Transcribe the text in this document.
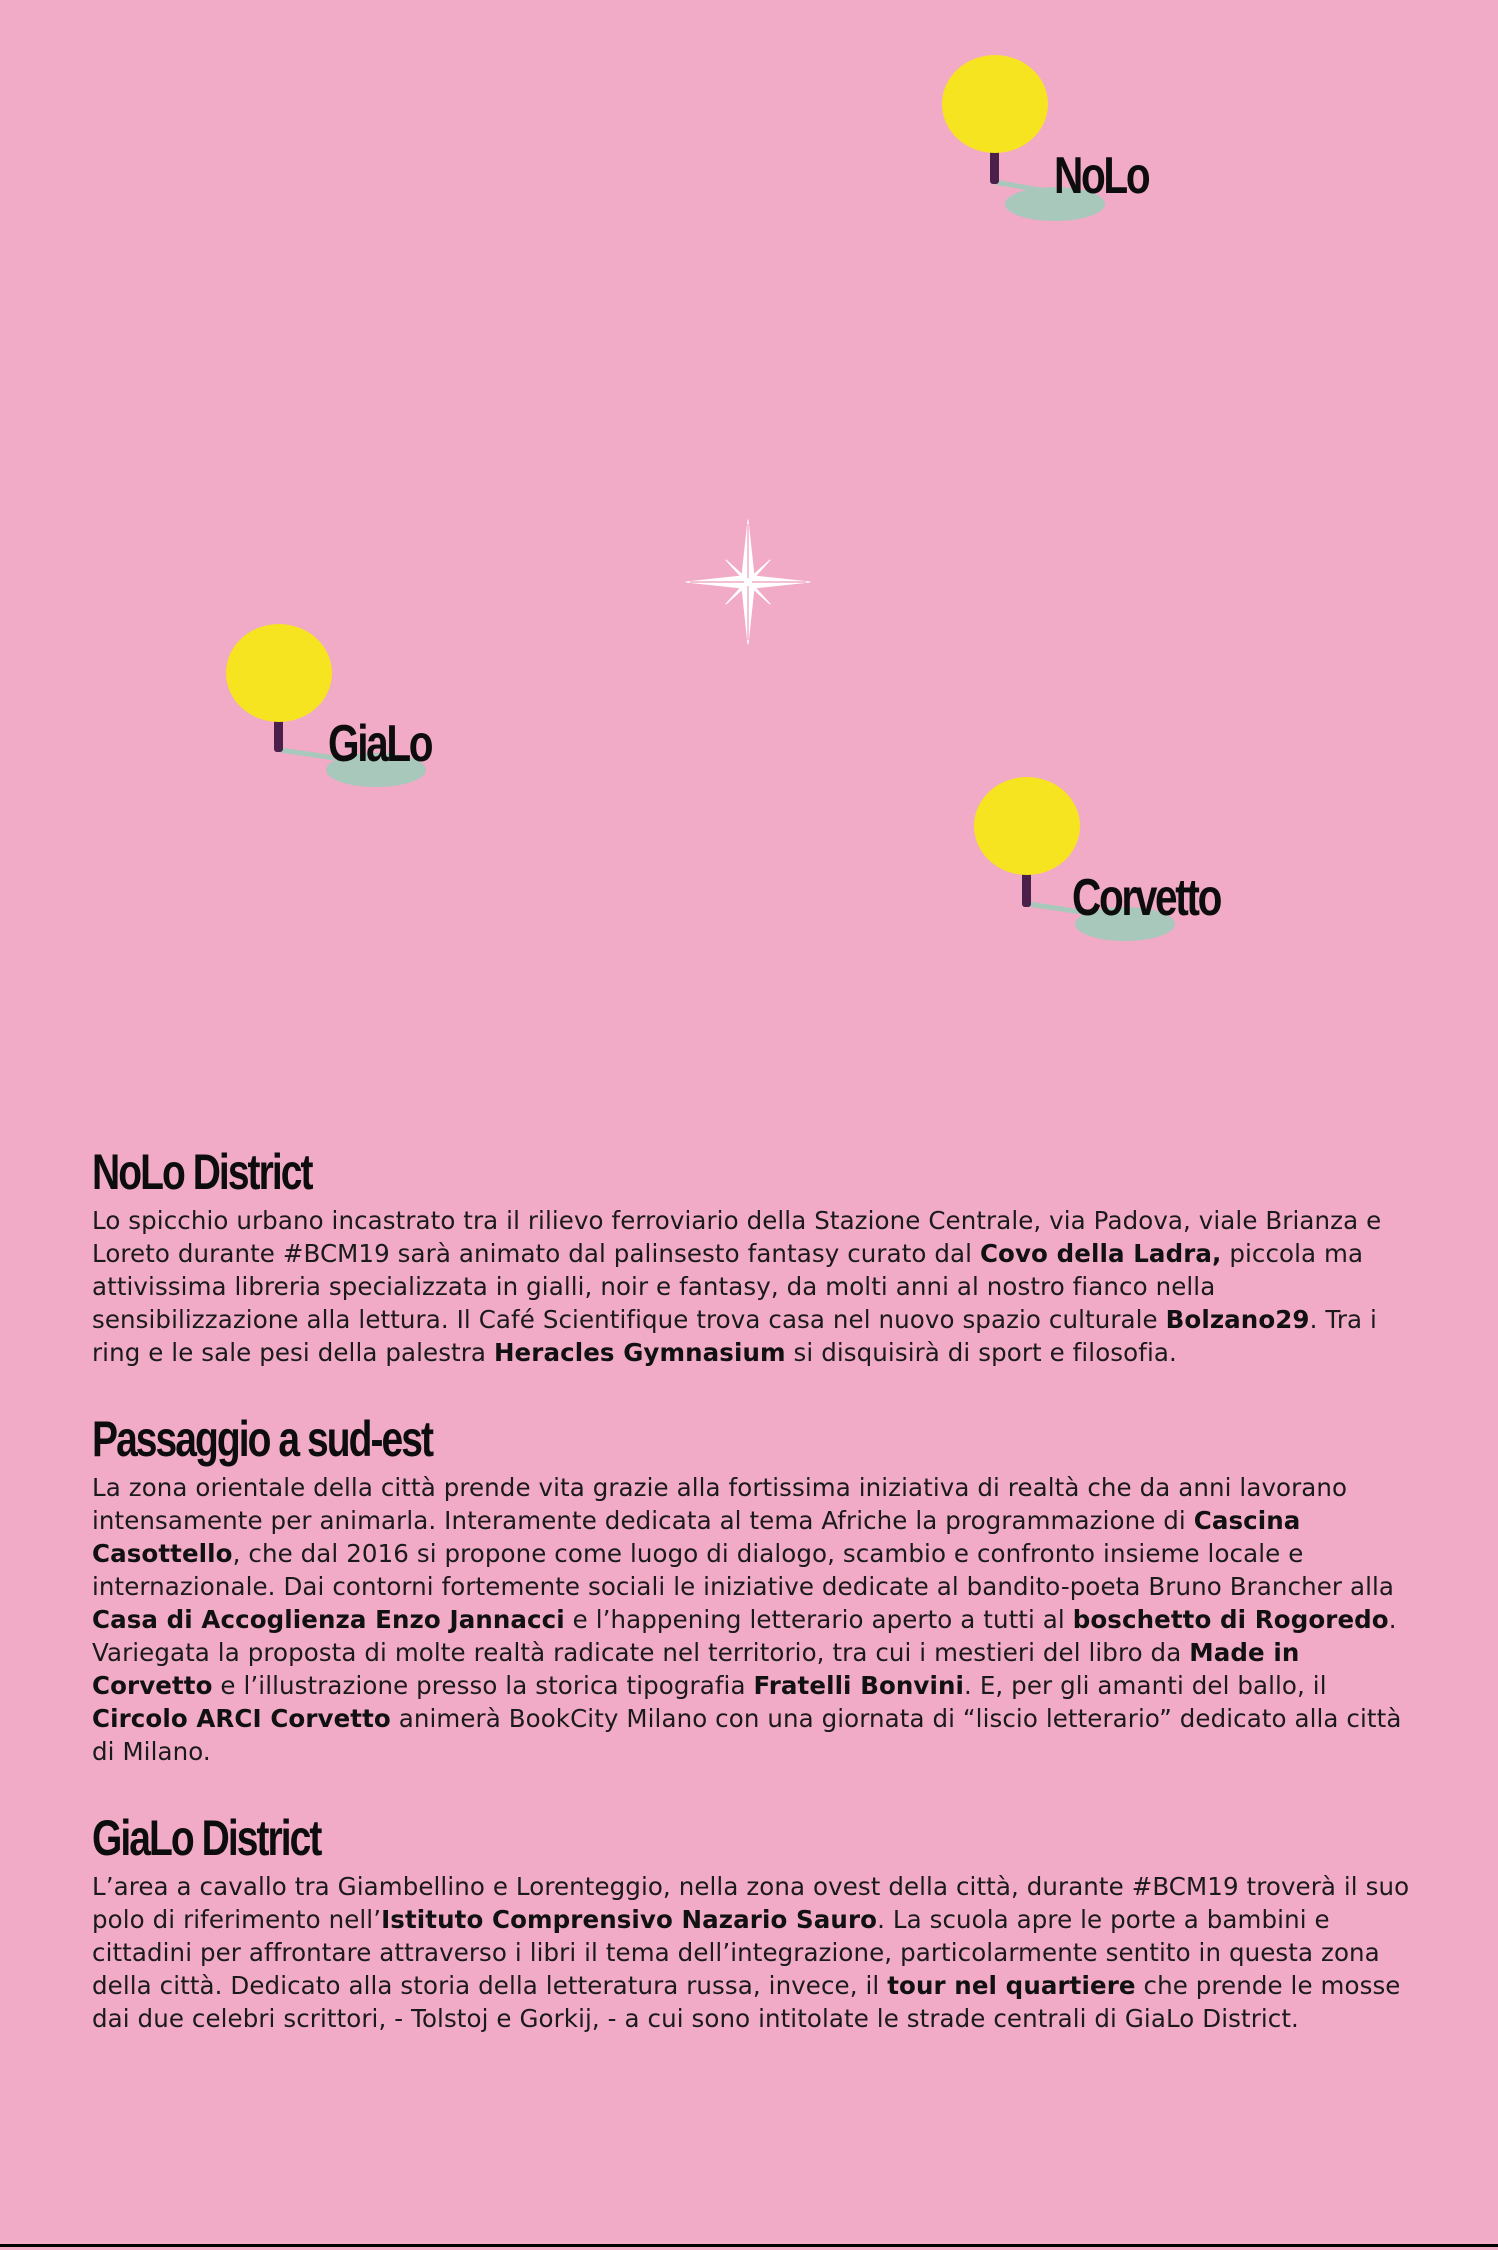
NoLo
GiaLo
Corvetto
NoLo District

Lo spicchio urbano incastrato tra il rilievo ferroviario della Stazione Centrale, via Padova, viale Brianza e Loreto durante #BCM19 sarà animato dal palinsesto fantasy curato dal Covo della Ladra, piccola ma attivissima libreria specializzata in gialli, noir e fantasy, da molti anni al nostro fianco nella sensibilizzazione alla lettura. Il Café Scientifique trova casa nel nuovo spazio culturale Bolzano29. Tra i ring e le sale pesi della palestra Heracles Gymnasium si disquisirà di sport e filosofia.

Passaggio a sud-est

La zona orientale della città prende vita grazie alla fortissima iniziativa di realtà che da anni lavorano intensamente per animarla. Interamente dedicata al tema Afriche la programmazione di Cascina Casottello, che dal 2016 si propone come luogo di dialogo, scambio e confronto insieme locale e internazionale. Dai contorni fortemente sociali le iniziative dedicate al bandito-poeta Bruno Brancher alla Casa di Accoglienza Enzo Jannacci e l’happening letterario aperto a tutti al boschetto di Rogoredo. Variegata la proposta di molte realtà radicate nel territorio, tra cui i mestieri del libro da Made in Corvetto e l’illustrazione presso la storica tipografia Fratelli Bonvini. E, per gli amanti del ballo, il Circolo ARCI Corvetto animerà BookCity Milano con una giornata di “liscio letterario” dedicato alla città di Milano.

GiaLo District

L’area a cavallo tra Giambellino e Lorenteggio, nella zona ovest della città, durante #BCM19 troverà il suo polo di riferimento nell’Istituto Comprensivo Nazario Sauro. La scuola apre le porte a bambini e cittadini per affrontare attraverso i libri il tema dell’integrazione, particolarmente sentito in questa zona della città. Dedicato alla storia della letteratura russa, invece, il tour nel quartiere che prende le mosse dai due celebri scrittori, - Tolstoj e Gorkij, - a cui sono intitolate le strade centrali di GiaLo District.
